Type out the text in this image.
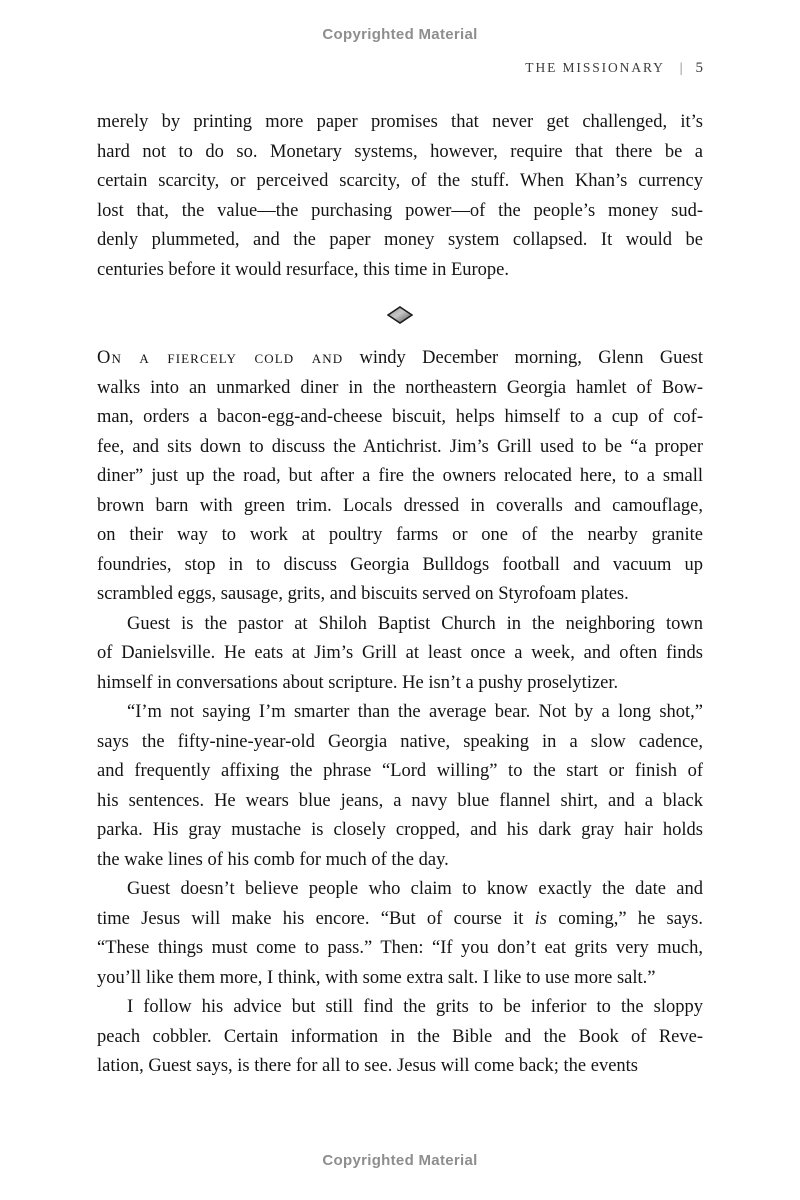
Copyrighted Material
THE MISSIONARY | 5
merely by printing more paper promises that never get challenged, it’s
hard not to do so. Monetary systems, however, require that there be a
certain scarcity, or perceived scarcity, of the stuff. When Khan’s currency
lost that, the value—the purchasing power—of the people’s money sud-
denly plummeted, and the paper money system collapsed. It would be
centuries before it would resurface, this time in Europe.
On a fiercely cold and windy December morning, Glenn Guest
walks into an unmarked diner in the northeastern Georgia hamlet of Bow-
man, orders a bacon-egg-and-cheese biscuit, helps himself to a cup of cof-
fee, and sits down to discuss the Antichrist. Jim’s Grill used to be “a proper
diner” just up the road, but after a fire the owners relocated here, to a small
brown barn with green trim. Locals dressed in coveralls and camouflage,
on their way to work at poultry farms or one of the nearby granite
foundries, stop in to discuss Georgia Bulldogs football and vacuum up
scrambled eggs, sausage, grits, and biscuits served on Styrofoam plates.
Guest is the pastor at Shiloh Baptist Church in the neighboring town
of Danielsville. He eats at Jim’s Grill at least once a week, and often finds
himself in conversations about scripture. He isn’t a pushy proselytizer.
“I’m not saying I’m smarter than the average bear. Not by a long shot,”
says the fifty-nine-year-old Georgia native, speaking in a slow cadence,
and frequently affixing the phrase “Lord willing” to the start or finish of
his sentences. He wears blue jeans, a navy blue flannel shirt, and a black
parka. His gray mustache is closely cropped, and his dark gray hair holds
the wake lines of his comb for much of the day.
Guest doesn’t believe people who claim to know exactly the date and
time Jesus will make his encore. “But of course it is coming,” he says.
“These things must come to pass.” Then: “If you don’t eat grits very much,
you’ll like them more, I think, with some extra salt. I like to use more salt.”
I follow his advice but still find the grits to be inferior to the sloppy
peach cobbler. Certain information in the Bible and the Book of Reve-
lation, Guest says, is there for all to see. Jesus will come back; the events
Copyrighted Material
